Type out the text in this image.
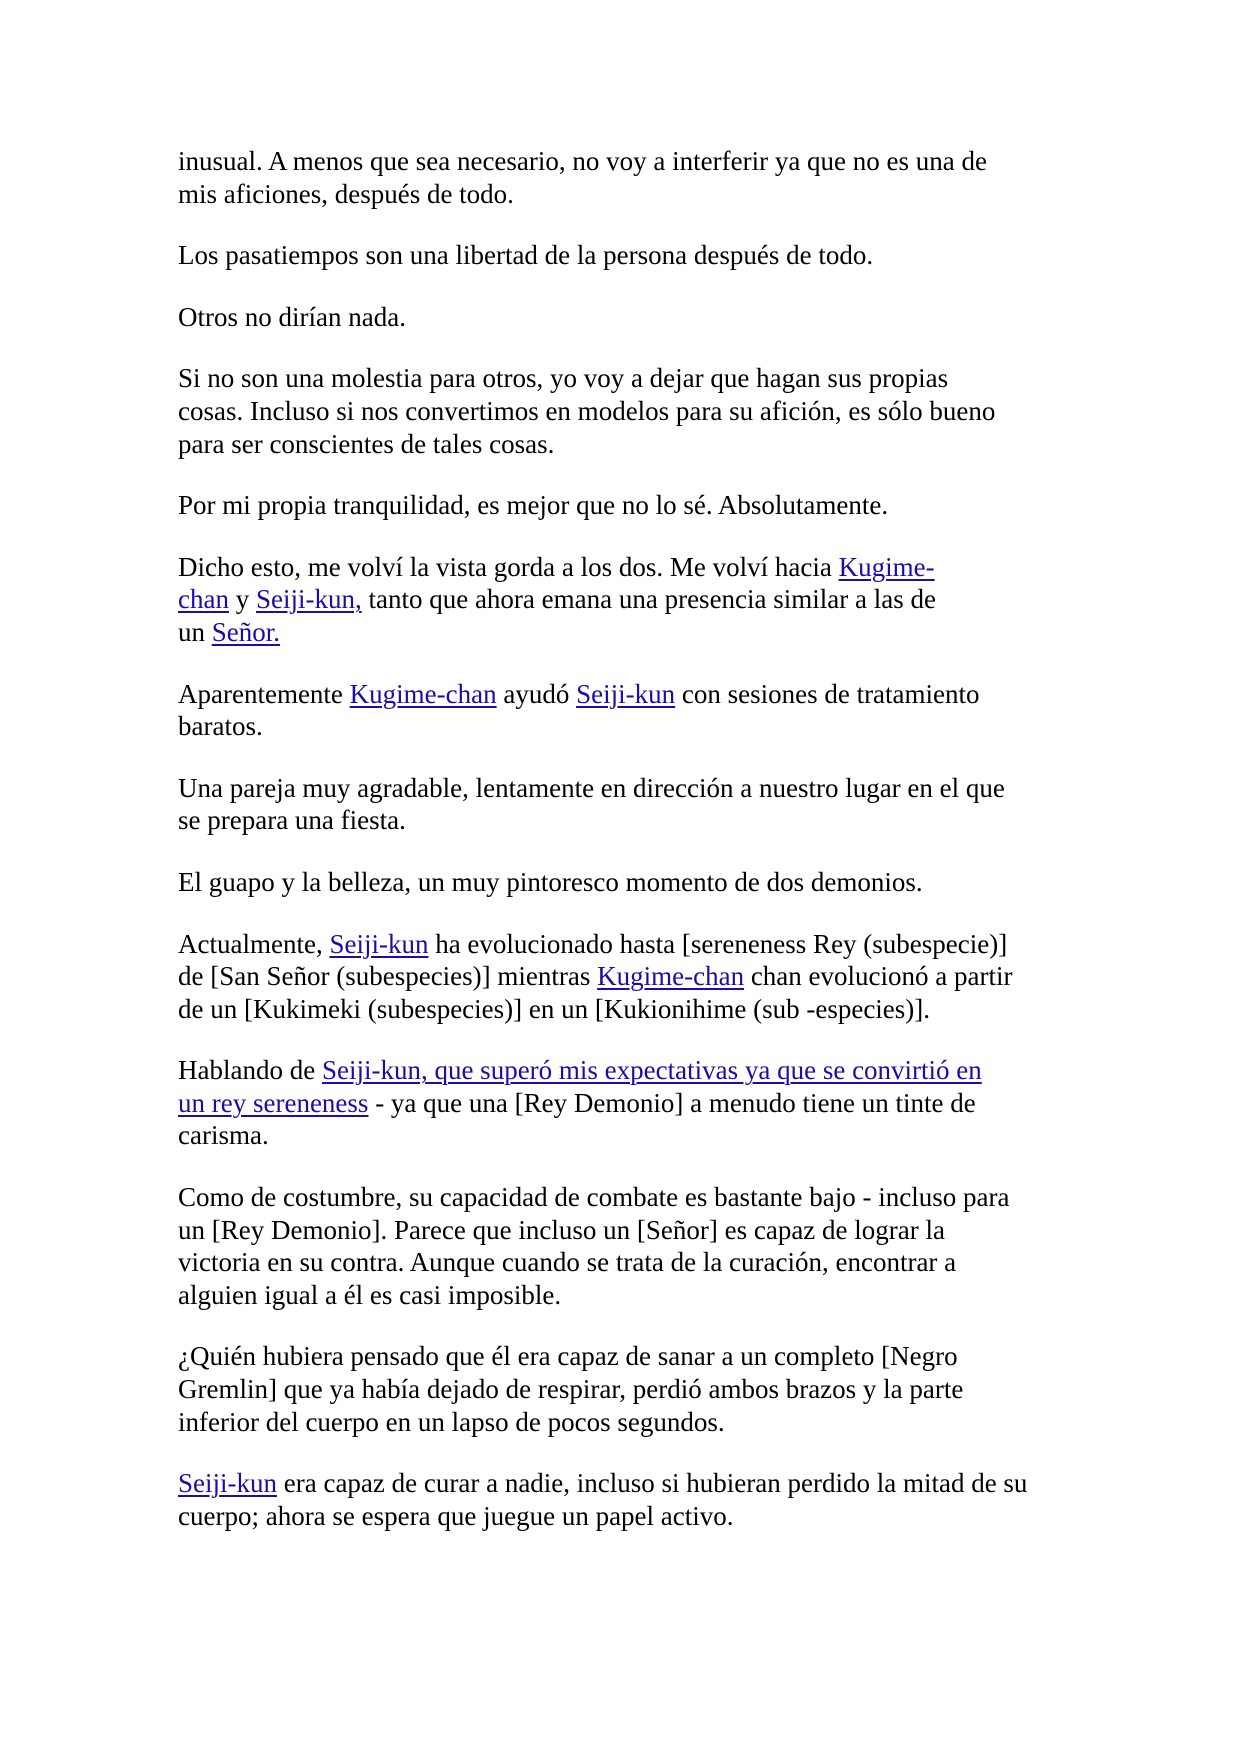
inusual. A menos que sea necesario, no voy a interferir ya que no es una de
mis aficiones, después de todo.

Los pasatiempos son una libertad de la persona después de todo.

Otros no dirían nada.

Si no son una molestia para otros, yo voy a dejar que hagan sus propias
cosas. Incluso si nos convertimos en modelos para su afición, es sólo bueno
para ser conscientes de tales cosas.

Por mi propia tranquilidad, es mejor que no lo sé. Absolutamente.

Dicho esto, me volví la vista gorda a los dos. Me volví hacia Kugime-
chan y Seiji-kun, tanto que ahora emana una presencia similar a las de
un Señor.

Aparentemente Kugime-chan ayudó Seiji-kun con sesiones de tratamiento
baratos.

Una pareja muy agradable, lentamente en dirección a nuestro lugar en el que
se prepara una fiesta.

El guapo y la belleza, un muy pintoresco momento de dos demonios.

Actualmente, Seiji-kun ha evolucionado hasta [sereneness Rey (subespecie)]
de [San Señor (subespecies)] mientras Kugime-chan chan evolucionó a partir
de un [Kukimeki (subespecies)] en un [Kukionihime (sub -especies)].

Hablando de Seiji-kun, que superó mis expectativas ya que se convirtió en
un rey sereneness - ya que una [Rey Demonio] a menudo tiene un tinte de
carisma.

Como de costumbre, su capacidad de combate es bastante bajo - incluso para
un [Rey Demonio]. Parece que incluso un [Señor] es capaz de lograr la
victoria en su contra. Aunque cuando se trata de la curación, encontrar a
alguien igual a él es casi imposible.

¿Quién hubiera pensado que él era capaz de sanar a un completo [Negro
Gremlin] que ya había dejado de respirar, perdió ambos brazos y la parte
inferior del cuerpo en un lapso de pocos segundos.

Seiji-kun era capaz de curar a nadie, incluso si hubieran perdido la mitad de su
cuerpo; ahora se espera que juegue un papel activo.
